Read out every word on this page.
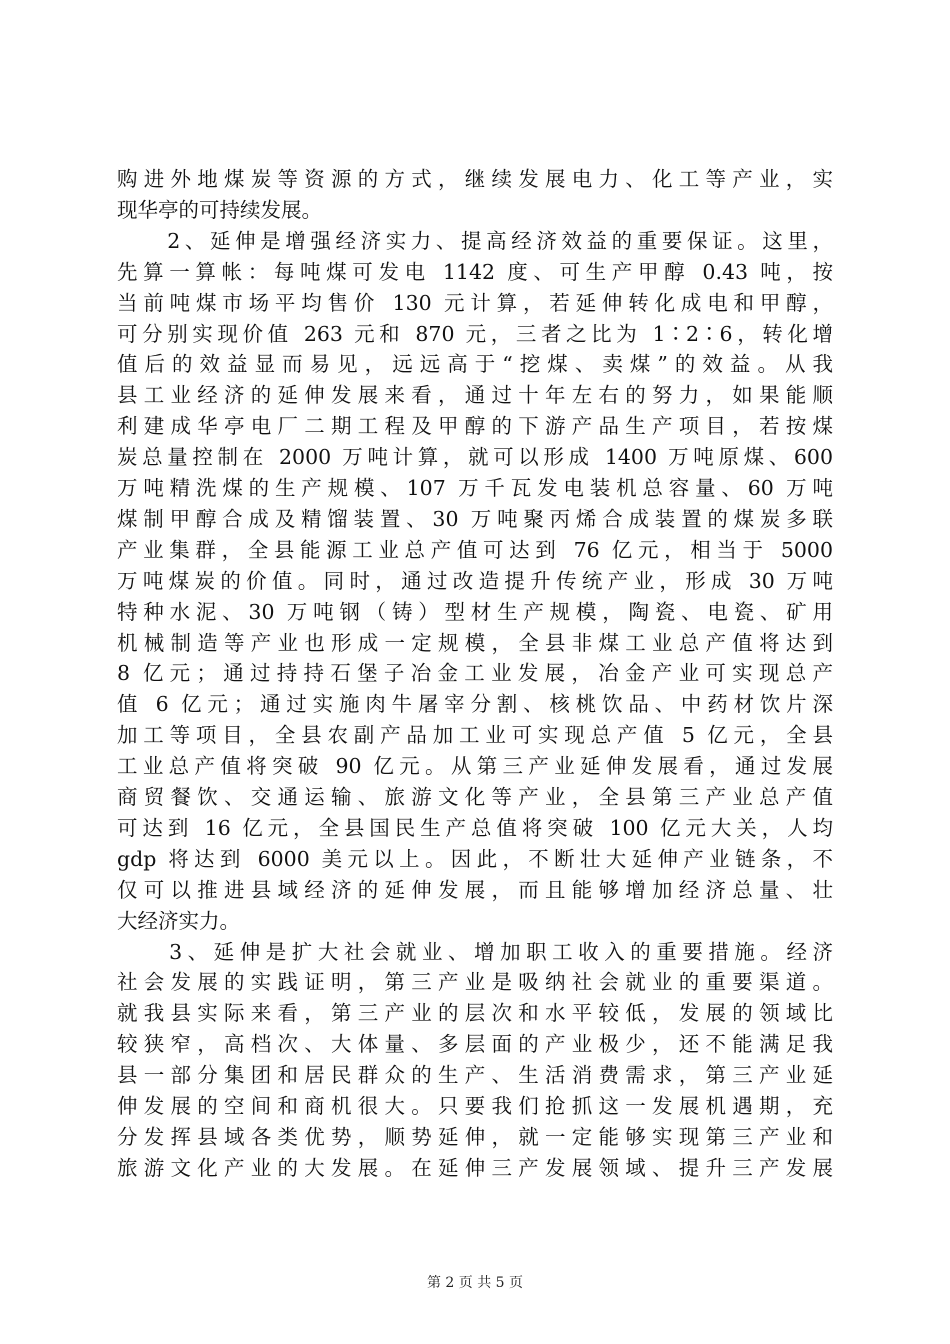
购进外地煤炭等资源的方式，继续发展电力、化工等产业，实
现华亭的可持续发展。
　　2、延伸是增强经济实力、提高经济效益的重要保证。这里，
先算一算帐：每吨煤可发电 1142 度、可生产甲醇 0.43 吨，按
当前吨煤市场平均售价 130 元计算，若延伸转化成电和甲醇，
可分别实现价值 263 元和 870 元，三者之比为 1∶2∶6，转化增
值后的效益显而易见，远远高于“挖煤、卖煤”的效益。从我
县工业经济的延伸发展来看，通过十年左右的努力，如果能顺
利建成华亭电厂二期工程及甲醇的下游产品生产项目，若按煤
炭总量控制在 2000 万吨计算，就可以形成 1400 万吨原煤、600
万吨精洗煤的生产规模、107 万千瓦发电装机总容量、60 万吨
煤制甲醇合成及精馏装置、30 万吨聚丙烯合成装置的煤炭多联
产业集群，全县能源工业总产值可达到 76 亿元，相当于 5000
万吨煤炭的价值。同时，通过改造提升传统产业，形成 30 万吨
特种水泥、30 万吨钢（铸）型材生产规模，陶瓷、电瓷、矿用
机械制造等产业也形成一定规模，全县非煤工业总产值将达到
8 亿元；通过持持石堡子冶金工业发展，冶金产业可实现总产
值 6 亿元；通过实施肉牛屠宰分割、核桃饮品、中药材饮片深
加工等项目，全县农副产品加工业可实现总产值 5 亿元，全县
工业总产值将突破 90 亿元。从第三产业延伸发展看，通过发展
商贸餐饮、交通运输、旅游文化等产业，全县第三产业总产值
可达到 16 亿元，全县国民生产总值将突破 100 亿元大关，人均
gdp 将达到 6000 美元以上。因此，不断壮大延伸产业链条，不
仅可以推进县域经济的延伸发展，而且能够增加经济总量、壮
大经济实力。
　　3、延伸是扩大社会就业、增加职工收入的重要措施。经济
社会发展的实践证明，第三产业是吸纳社会就业的重要渠道。
就我县实际来看，第三产业的层次和水平较低，发展的领域比
较狭窄，高档次、大体量、多层面的产业极少，还不能满足我
县一部分集团和居民群众的生产、生活消费需求，第三产业延
伸发展的空间和商机很大。只要我们抢抓这一发展机遇期，充
分发挥县域各类优势，顺势延伸，就一定能够实现第三产业和
旅游文化产业的大发展。在延伸三产发展领域、提升三产发展
第 2 页 共 5 页
